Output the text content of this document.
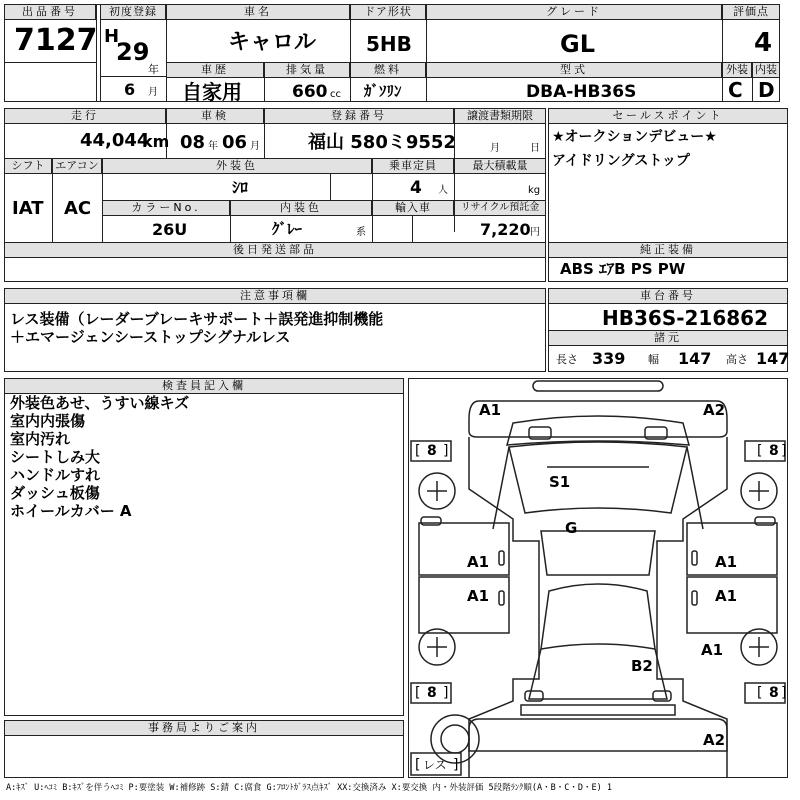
出品番号
7127
初度登録
H
29
年
6 月
車名
キャロル
ドア形状
5HB
グレード
GL
評価点
4
車歴
自家用
排気量
660 cc
燃料
ｶﾞｿﾘﾝ
型式
DBA-HB36S
外装 内装
C D
走行
44,044
km
車検
08 年 06 月
登録番号
福山 580ミ9552
譲渡書類期限
月	日
シフト
IAT
エアコン
AC
外装色
ｼﾛ
乗車定員
4 人
最大積載量
kg
カラーNo.
26U
内装色
ｸﾞﾚｰ	系
輸入車	リサイクル預託金
7,220 円
後日発送部品
セールスポイント
★オークションデビュー★
アイドリングストップ
純正装備
ABS ｴｱB PS PW
注意事項欄
レス装備（レーダーブレーキサポート＋誤発進抑制機能
＋エマージェンシーストップシグナルレス
車台番号
HB36S-216862
諸元
長さ 339 幅 147 高さ 147
検査員記入欄
外装色あせ、うすい線キズ
室内内張傷
室内汚れ
シートしみ大
ハンドルすれ
ダッシュ板傷
ホイールカバー A
事務局よりご案内
A1	A2
S1
G
A1	A1
A1	A1
A1
B2
A2
[ 8 ]	[ 8 ]
[ 8 ]	[ 8 ]
[ レス ]
A:ｷｽﾞ U:ﾍｺﾐ B:ｷｽﾞを伴うﾍｺﾐ P:要塗装 W:補修跡 S:錆 C:腐食 G:ﾌﾛﾝﾄｶﾞﾗｽ点ｷｽﾞ XX:交換済み X:要交換 内・外装評価 5段階ﾗﾝｸ順(A・B・C・D・E) 1
